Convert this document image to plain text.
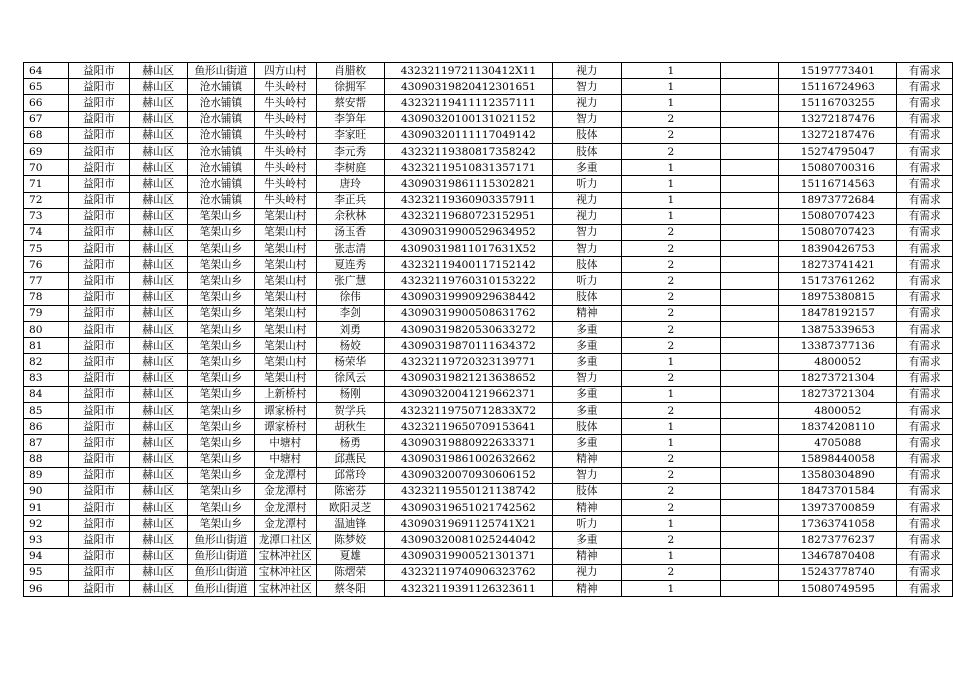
64	益阳市	赫山区	鱼形山街道	四方山村	肖腊枚	43232119721130412X11	视力	1		15197773401	有需求
65	益阳市	赫山区	沧水铺镇	牛头岭村	徐拥军	43090319820412301651	智力	1		15116724963	有需求
66	益阳市	赫山区	沧水铺镇	牛头岭村	蔡安帮	43232119411112357111	视力	1		15116703255	有需求
67	益阳市	赫山区	沧水铺镇	牛头岭村	李笋年	43090320100131021152	智力	2		13272187476	有需求
68	益阳市	赫山区	沧水铺镇	牛头岭村	李家旺	43090320111117049142	肢体	2		13272187476	有需求
69	益阳市	赫山区	沧水铺镇	牛头岭村	李元秀	43232119380817358242	肢体	2		15274795047	有需求
70	益阳市	赫山区	沧水铺镇	牛头岭村	李树庭	43232119510831357171	多重	1		15080700316	有需求
71	益阳市	赫山区	沧水铺镇	牛头岭村	唐玲	43090319861115302821	听力	1		15116714563	有需求
72	益阳市	赫山区	沧水铺镇	牛头岭村	李正兵	43232119360903357911	视力	1		18973772684	有需求
73	益阳市	赫山区	笔架山乡	笔架山村	余秋林	43232119680723152951	视力	1		15080707423	有需求
74	益阳市	赫山区	笔架山乡	笔架山村	汤玉香	43090319900529634952	智力	2		15080707423	有需求
75	益阳市	赫山区	笔架山乡	笔架山村	张志清	43090319811017631X52	智力	2		18390426753	有需求
76	益阳市	赫山区	笔架山乡	笔架山村	夏连秀	43232119400117152142	肢体	2		18273741421	有需求
77	益阳市	赫山区	笔架山乡	笔架山村	张广慧	43232119760310153222	听力	2		15173761262	有需求
78	益阳市	赫山区	笔架山乡	笔架山村	徐伟	43090319990929638442	肢体	2		18975380815	有需求
79	益阳市	赫山区	笔架山乡	笔架山村	李剑	43090319900508631762	精神	2		18478192157	有需求
80	益阳市	赫山区	笔架山乡	笔架山村	刘勇	43090319820530633272	多重	2		13875339653	有需求
81	益阳市	赫山区	笔架山乡	笔架山村	杨姣	43090319870111634372	多重	2		13387377136	有需求
82	益阳市	赫山区	笔架山乡	笔架山村	杨荣华	43232119720323139771	多重	1		4800052	有需求
83	益阳市	赫山区	笔架山乡	笔架山村	徐风云	43090319821213638652	智力	2		18273721304	有需求
84	益阳市	赫山区	笔架山乡	上新桥村	杨刚	43090320041219662371	多重	1		18273721304	有需求
85	益阳市	赫山区	笔架山乡	谭家桥村	贺学兵	43232119750712833X72	多重	2		4800052	有需求
86	益阳市	赫山区	笔架山乡	谭家桥村	胡秋生	43232119650709153641	肢体	1		18374208110	有需求
87	益阳市	赫山区	笔架山乡	中塘村	杨勇	43090319880922633371	多重	1		4705088	有需求
88	益阳市	赫山区	笔架山乡	中塘村	邱燕民	43090319861002632662	精神	2		15898440058	有需求
89	益阳市	赫山区	笔架山乡	金龙潭村	邱常玲	43090320070930606152	智力	2		13580304890	有需求
90	益阳市	赫山区	笔架山乡	金龙潭村	陈密芬	43232119550121138742	肢体	2		18473701584	有需求
91	益阳市	赫山区	笔架山乡	金龙潭村	欧阳灵芝	43090319651021742562	精神	2		13973700859	有需求
92	益阳市	赫山区	笔架山乡	金龙潭村	温迪锋	43090319691125741X21	听力	1		17363741058	有需求
93	益阳市	赫山区	鱼形山街道	龙潭口社区	陈梦姣	43090320081025244042	多重	2		18273776237	有需求
94	益阳市	赫山区	鱼形山街道	宝林冲社区	夏雄	43090319900521301371	精神	1		13467870408	有需求
95	益阳市	赫山区	鱼形山街道	宝林冲社区	陈熠荣	43232119740906323762	视力	2		15243778740	有需求
96	益阳市	赫山区	鱼形山街道	宝林冲社区	蔡冬阳	43232119391126323611	精神	1		15080749595	有需求
